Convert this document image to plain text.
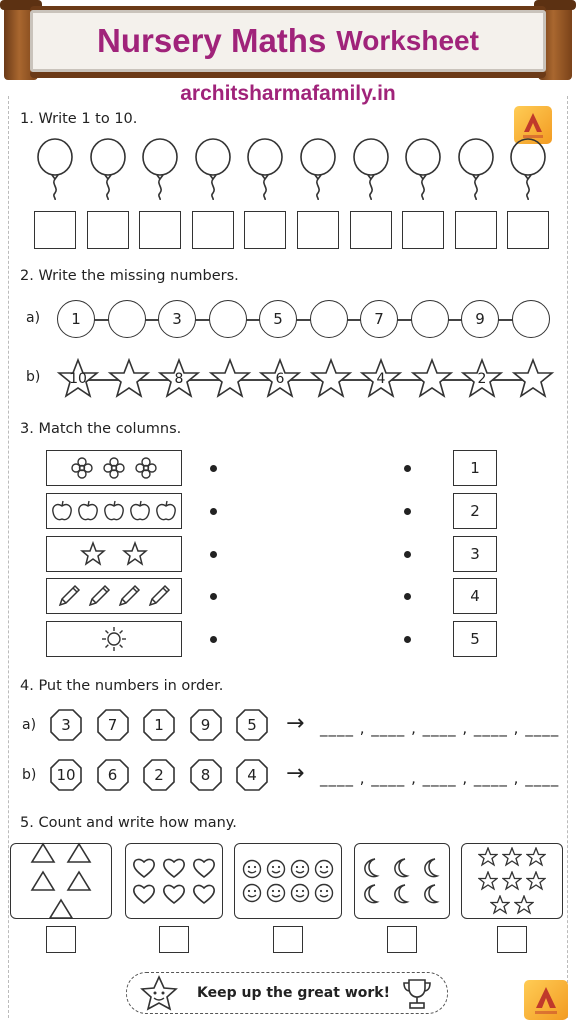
Nursery Maths Worksheet
architsharmafamily.in
1. Write 1 to 10.
2. Write the missing numbers.
a)	1	3	5	7	9
b)	10	8	6	4	2
3. Match the columns.
1
2
3
4
5
4. Put the numbers in order.
a)	3	7	1	9	5	→ ____ , ____ , ____ , ____ , ____
b)	10	6	2	8	4	→ ____ , ____ , ____ , ____ , ____
5. Count and write how many.
Keep up the great work!
